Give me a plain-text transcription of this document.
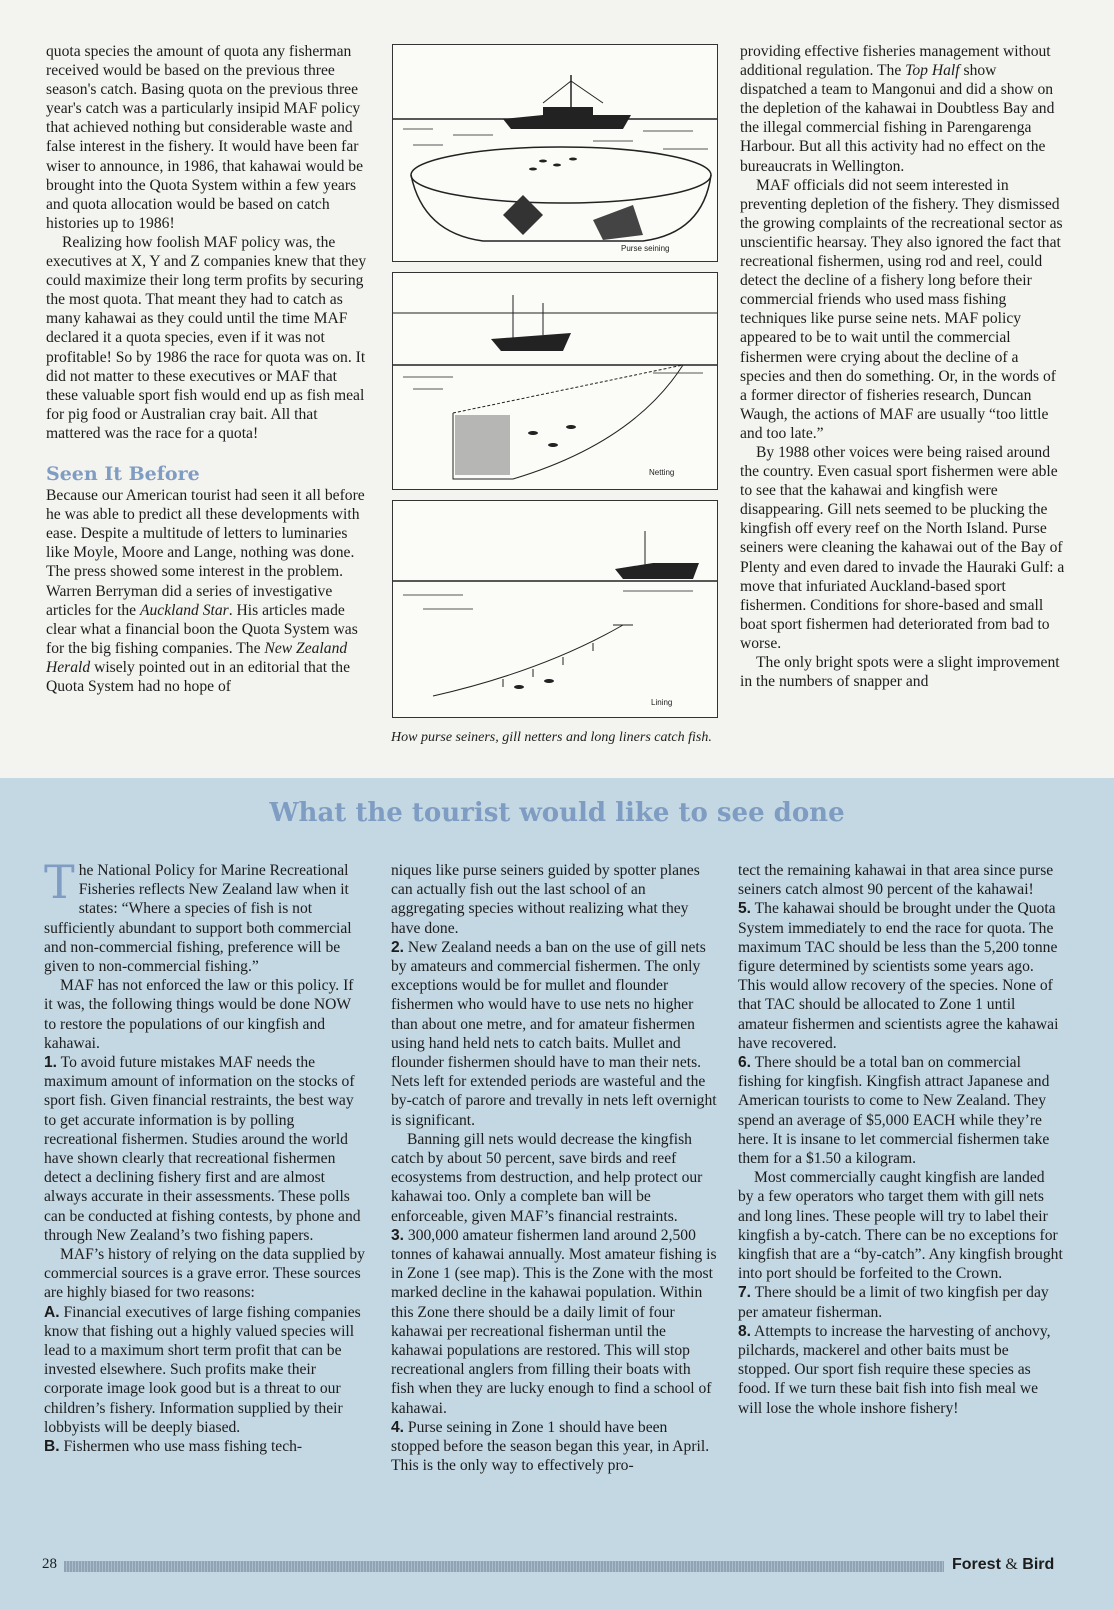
quota species the amount of quota any fisherman received would be based on the previous three season's catch. Basing quota on the previous three year's catch was a particularly insipid MAF policy that achieved nothing but considerable waste and false interest in the fishery. It would have been far wiser to announce, in 1986, that kahawai would be brought into the Quota System within a few years and quota allocation would be based on catch histories up to 1986!

Realizing how foolish MAF policy was, the executives at X, Y and Z companies knew that they could maximize their long term profits by securing the most quota. That meant they had to catch as many kahawai as they could until the time MAF declared it a quota species, even if it was not profitable! So by 1986 the race for quota was on. It did not matter to these executives or MAF that these valuable sport fish would end up as fish meal for pig food or Australian cray bait. All that mattered was the race for a quota!

Seen It Before

Because our American tourist had seen it all before he was able to predict all these developments with ease. Despite a multitude of letters to luminaries like Moyle, Moore and Lange, nothing was done. The press showed some interest in the problem. Warren Berryman did a series of investigative articles for the Auckland Star. His articles made clear what a financial boon the Quota System was for the big fishing companies. The New Zealand Herald wisely pointed out in an editorial that the Quota System had no hope of

Purse seining
Netting
Lining
How purse seiners, gill netters and long liners catch fish.

providing effective fisheries management without additional regulation. The Top Half show dispatched a team to Mangonui and did a show on the depletion of the kahawai in Doubtless Bay and the illegal commercial fishing in Parengarenga Harbour. But all this activity had no effect on the bureaucrats in Wellington.

MAF officials did not seem interested in preventing depletion of the fishery. They dismissed the growing complaints of the recreational sector as unscientific hearsay. They also ignored the fact that recreational fishermen, using rod and reel, could detect the decline of a fishery long before their commercial friends who used mass fishing techniques like purse seine nets. MAF policy appeared to be to wait until the commercial fishermen were crying about the decline of a species and then do something. Or, in the words of a former director of fisheries research, Duncan Waugh, the actions of MAF are usually “too little and too late.”

By 1988 other voices were being raised around the country. Even casual sport fishermen were able to see that the kahawai and kingfish were disappearing. Gill nets seemed to be plucking the kingfish off every reef on the North Island. Purse seiners were cleaning the kahawai out of the Bay of Plenty and even dared to invade the Hauraki Gulf: a move that infuriated Auckland-based sport fishermen. Conditions for shore-based and small boat sport fishermen had deteriorated from bad to worse.

The only bright spots were a slight improvement in the numbers of snapper and

What the tourist would like to see done

The National Policy for Marine Recreational Fisheries reflects New Zealand law when it states: “Where a species of fish is not sufficiently abundant to support both commercial and non-commercial fishing, preference will be given to non-commercial fishing.”

MAF has not enforced the law or this policy. If it was, the following things would be done NOW to restore the populations of our kingfish and kahawai.

1. To avoid future mistakes MAF needs the maximum amount of information on the stocks of sport fish. Given financial restraints, the best way to get accurate information is by polling recreational fishermen. Studies around the world have shown clearly that recreational fishermen detect a declining fishery first and are almost always accurate in their assessments. These polls can be conducted at fishing contests, by phone and through New Zealand’s two fishing papers.

MAF’s history of relying on the data supplied by commercial sources is a grave error. These sources are highly biased for two reasons:

A. Financial executives of large fishing companies know that fishing out a highly valued species will lead to a maximum short term profit that can be invested elsewhere. Such profits make their corporate image look good but is a threat to our children’s fishery. Information supplied by their lobbyists will be deeply biased.

B. Fishermen who use mass fishing tech-

niques like purse seiners guided by spotter planes can actually fish out the last school of an aggregating species without realizing what they have done.

2. New Zealand needs a ban on the use of gill nets by amateurs and commercial fishermen. The only exceptions would be for mullet and flounder fishermen who would have to use nets no higher than about one metre, and for amateur fishermen using hand held nets to catch baits. Mullet and flounder fishermen should have to man their nets. Nets left for extended periods are wasteful and the by-catch of parore and trevally in nets left overnight is significant.

Banning gill nets would decrease the kingfish catch by about 50 percent, save birds and reef ecosystems from destruction, and help protect our kahawai too. Only a complete ban will be enforceable, given MAF’s financial restraints.

3. 300,000 amateur fishermen land around 2,500 tonnes of kahawai annually. Most amateur fishing is in Zone 1 (see map). This is the Zone with the most marked decline in the kahawai population. Within this Zone there should be a daily limit of four kahawai per recreational fisherman until the kahawai populations are restored. This will stop recreational anglers from filling their boats with fish when they are lucky enough to find a school of kahawai.

4. Purse seining in Zone 1 should have been stopped before the season began this year, in April. This is the only way to effectively pro-

tect the remaining kahawai in that area since purse seiners catch almost 90 percent of the kahawai!

5. The kahawai should be brought under the Quota System immediately to end the race for quota. The maximum TAC should be less than the 5,200 tonne figure determined by scientists some years ago. This would allow recovery of the species. None of that TAC should be allocated to Zone 1 until amateur fishermen and scientists agree the kahawai have recovered.

6. There should be a total ban on commercial fishing for kingfish. Kingfish attract Japanese and American tourists to come to New Zealand. They spend an average of $5,000 EACH while they’re here. It is insane to let commercial fishermen take them for a $1.50 a kilogram.

Most commercially caught kingfish are landed by a few operators who target them with gill nets and long lines. These people will try to label their kingfish a by-catch. There can be no exceptions for kingfish that are a “by-catch”. Any kingfish brought into port should be forfeited to the Crown.

7. There should be a limit of two kingfish per day per amateur fisherman.

8. Attempts to increase the harvesting of anchovy, pilchards, mackerel and other baits must be stopped. Our sport fish require these species as food. If we turn these bait fish into fish meal we will lose the whole inshore fishery!

28	Forest & Bird
